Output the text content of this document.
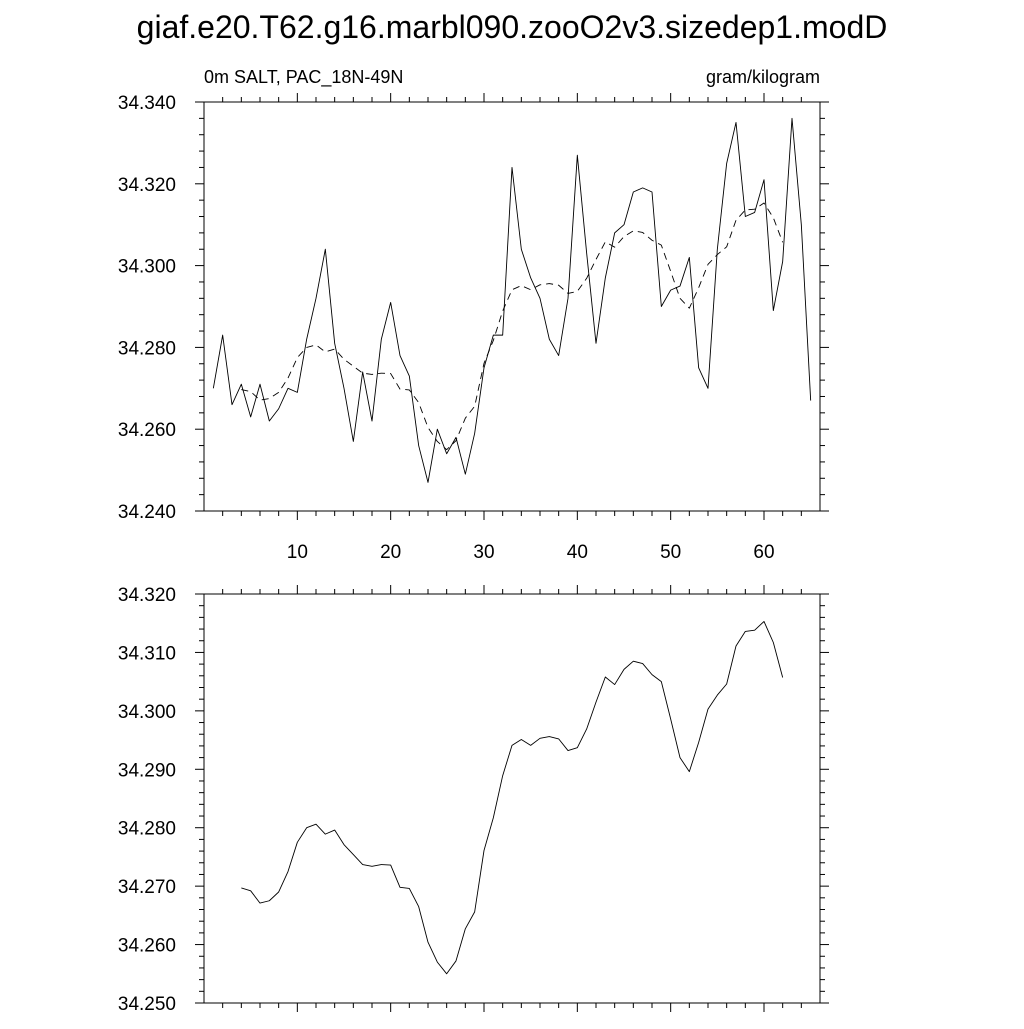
giaf.e20.T62.g16.marbl090.zooO2v3.sizedep1.modD
0m SALT, PAC_18N-49N	gram/kilogram
34.240
34.260
34.280
34.300
34.320
34.340
10	20	30	40	50	60
34.250
34.260
34.270
34.280
34.290
34.300
34.310
34.320
